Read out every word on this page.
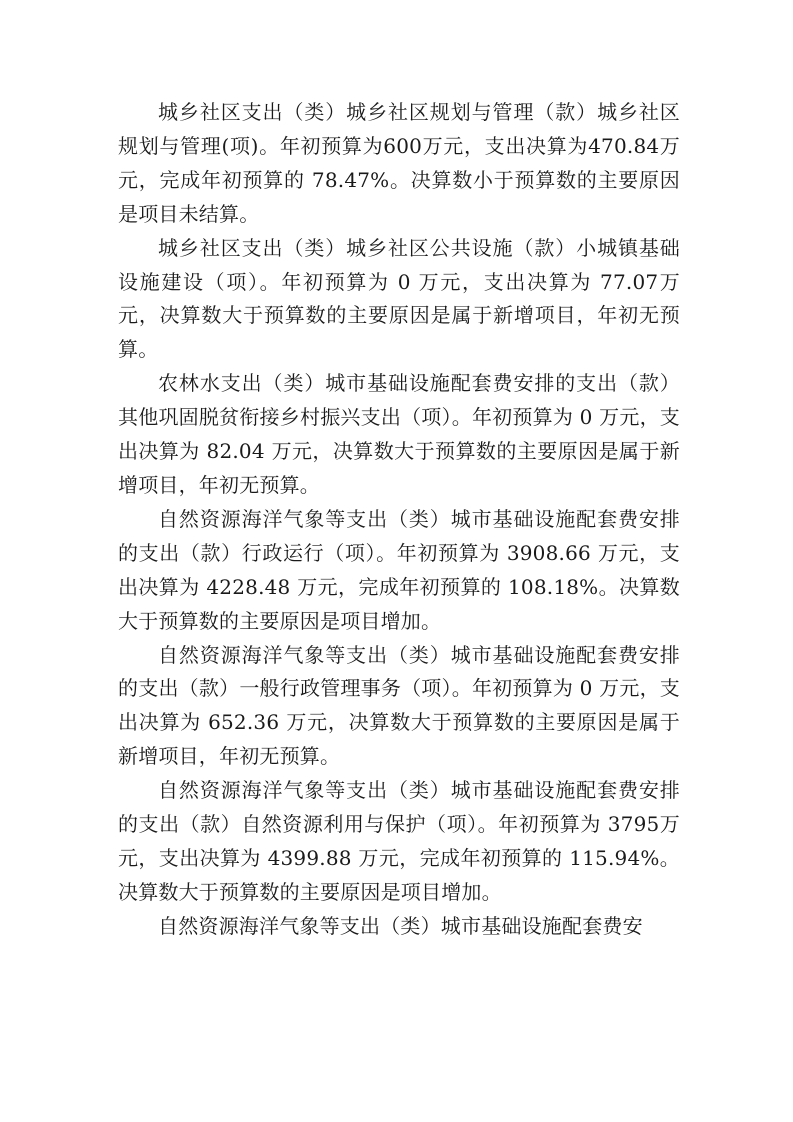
城乡社区支出（类）城乡社区规划与管理（款）城乡社区规划与管理(项)。年初预算为600万元，支出决算为470.84万元，完成年初预算的 78.47%。决算数小于预算数的主要原因是项目未结算。

城乡社区支出（类）城乡社区公共设施（款）小城镇基础设施建设（项）。年初预算为 0 万元，支出决算为 77.07万元，决算数大于预算数的主要原因是属于新增项目，年初无预算。

农林水支出（类）城市基础设施配套费安排的支出（款）其他巩固脱贫衔接乡村振兴支出（项）。年初预算为 0 万元，支出决算为 82.04 万元，决算数大于预算数的主要原因是属于新增项目，年初无预算。

自然资源海洋气象等支出（类）城市基础设施配套费安排的支出（款）行政运行（项）。年初预算为 3908.66 万元，支出决算为 4228.48 万元，完成年初预算的 108.18%。决算数大于预算数的主要原因是项目增加。

自然资源海洋气象等支出（类）城市基础设施配套费安排的支出（款）一般行政管理事务（项）。年初预算为 0 万元，支出决算为 652.36 万元，决算数大于预算数的主要原因是属于新增项目，年初无预算。

自然资源海洋气象等支出（类）城市基础设施配套费安排的支出（款）自然资源利用与保护（项）。年初预算为 3795万元，支出决算为 4399.88 万元，完成年初预算的 115.94%。决算数大于预算数的主要原因是项目增加。

自然资源海洋气象等支出（类）城市基础设施配套费安
